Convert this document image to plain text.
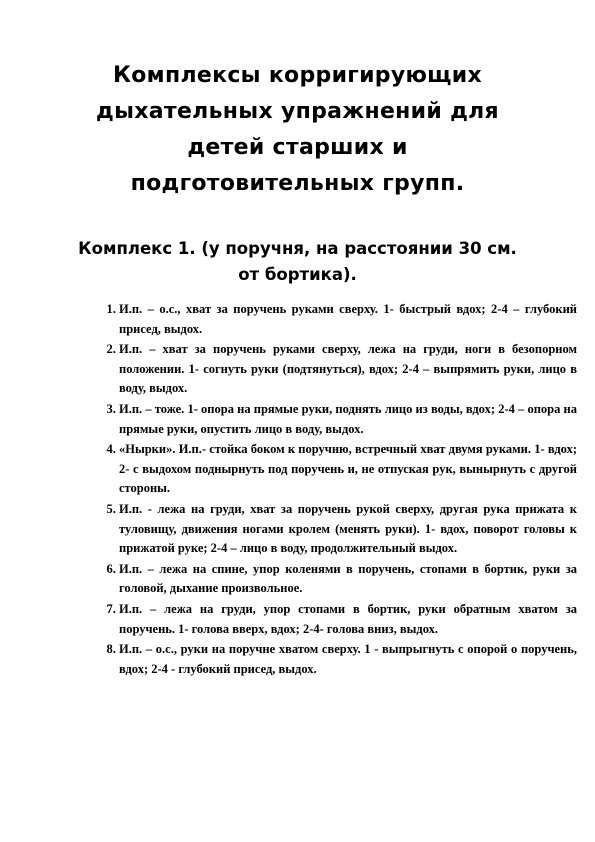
Комплексы корригирующих дыхательных упражнений для детей старших и подготовительных групп.
Комплекс 1. (у поручня, на расстоянии 30 см. от бортика).
1. И.п. – о.с., хват за поручень руками сверху. 1- быстрый вдох; 2-4 – глубокий присед, выдох.
2. И.п. – хват за поручень руками сверху, лежа на груди, ноги в безопорном положении. 1- согнуть руки (подтянуться), вдох; 2-4 – выпрямить руки, лицо в воду, выдох.
3. И.п. – тоже. 1- опора на прямые руки, поднять лицо из воды, вдох; 2-4 – опора на прямые руки, опустить лицо в воду, выдох.
4. «Нырки». И.п.- стойка боком к поручню, встречный хват двумя руками. 1- вдох; 2- с выдохом поднырнуть под поручень и, не отпуская рук, вынырнуть с другой стороны.
5. И.п. - лежа на груди, хват за поручень рукой сверху, другая рука прижата к туловищу, движения ногами кролем (менять руки). 1- вдох, поворот головы к прижатой руке; 2-4 – лицо в воду, продолжительный выдох.
6. И.п. – лежа на спине, упор коленями в поручень, стопами в бортик, руки за головой, дыхание произвольное.
7. И.п. – лежа на груди, упор стопами в бортик, руки обратным хватом за поручень. 1- голова вверх, вдох; 2-4- голова вниз, выдох.
8. И.п. – о.с., руки на поручне хватом сверху. 1 - выпрыгнуть с опорой о поручень, вдох; 2-4 - глубокий присед, выдох.
